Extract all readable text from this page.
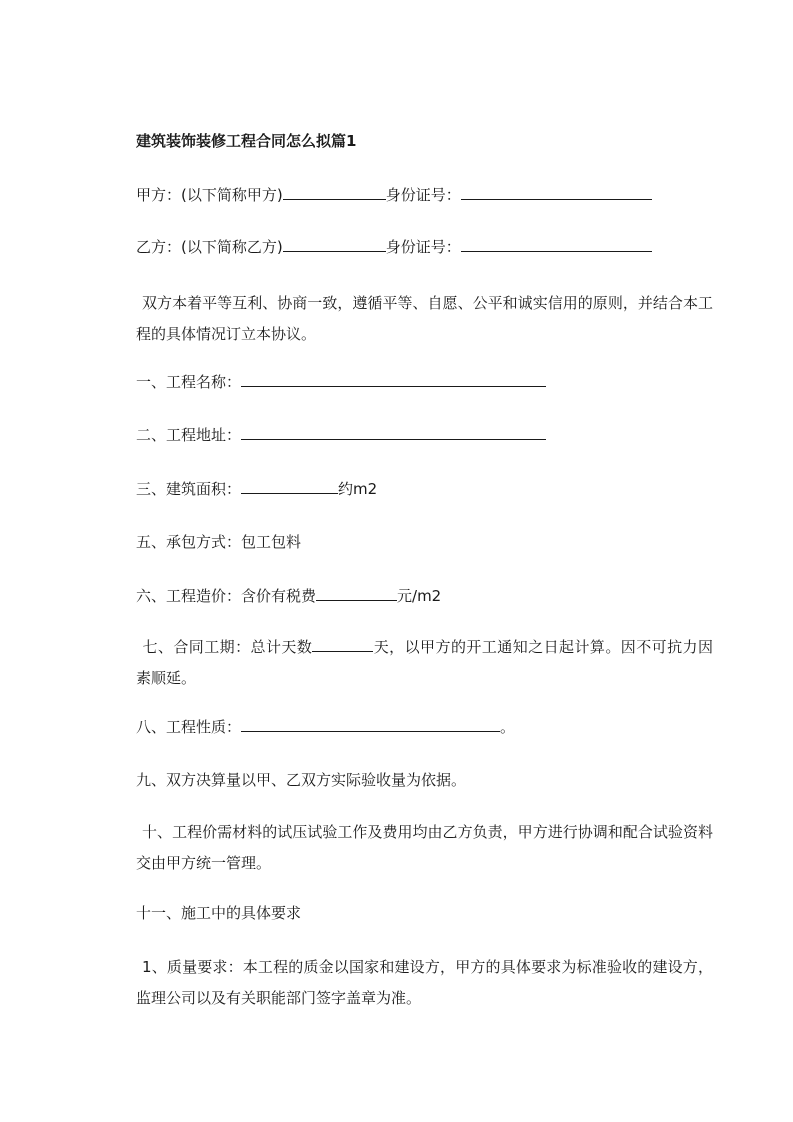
建筑装饰装修工程合同怎么拟篇1
甲方：(以下简称甲方)	身份证号：
乙方：(以下简称乙方)	身份证号：
双方本着平等互利、协商一致，遵循平等、自愿、公平和诚实信用的原则，并结合本工程的具体情况订立本协议。
一、工程名称：
二、工程地址：
三、建筑面积：	约m2
五、承包方式：包工包料
六、工程造价：含价有税费	元/m2
七、合同工期：总计天数	天，以甲方的开工通知之日起计算。因不可抗力因素顺延。
八、工程性质：	。
九、双方决算量以甲、乙双方实际验收量为依据。
十、工程价需材料的试压试验工作及费用均由乙方负责，甲方进行协调和配合试验资料交由甲方统一管理。
十一、施工中的具体要求
1、质量要求：本工程的质金以国家和建设方，甲方的具体要求为标准验收的建设方，监理公司以及有关职能部门签字盖章为准。
